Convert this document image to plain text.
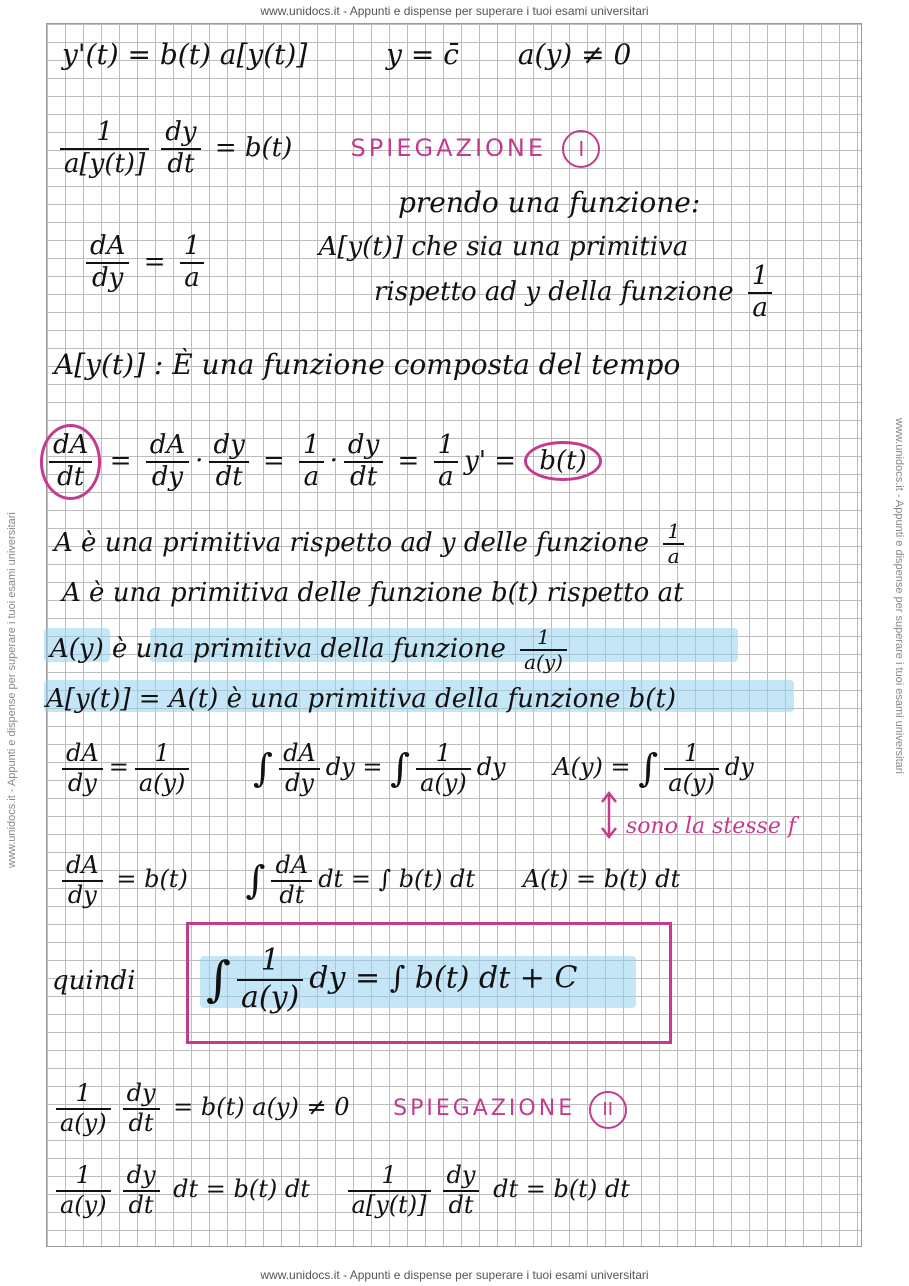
www.unidocs.it - Appunti e dispense per superare i tuoi esami universitari
www.unidocs.it - Appunti e dispense per superare i tuoi esami universitari	www.unidocs.it - Appunti e dispense per superare i tuoi esami universitari
y'(t) = b(t) a[y(t)]	y = c̄ a(y) ≠ 0
$\frac{1}{a[y(t)]} \frac{dy}{dt} = b(t)$ SPIEGAZIONE I
prendo una funzione:
$\frac{dA}{dy} = \frac{1}{a}$	A[y(t)] che sia una primitiva
rispetto ad y della funzione $\frac{1}{a}$
A[y(t)] : È una funzione composta del tempo
$\frac{dA}{dt} = \frac{dA}{dy} \cdot \frac{dy}{dt} = \frac{1}{a} \cdot \frac{dy}{dt} = \frac{1}{a} y' = b(t)$
A è una primitiva rispetto ad y delle funzione $\frac{1}{a}$
A è una primitiva delle funzione b(t) rispetto at
A(y) è una primitiva della funzione $\frac{1}{a(y)}$
A[y(t)] = A(t) è una primitiva della funzione b(t)
$\frac{dA}{dy} = \frac{1}{a(y)}$ ∫ $\frac{dA}{dy}$ dy = ∫ $\frac{1}{a(y)}$ dy A(y) = ∫ $\frac{1}{a(y)}$ dy
sono la stesse f
$\frac{dA}{dy} = b(t)$ ∫ $\frac{dA}{dt}$ dt = ∫ b(t) dt A(t) = b(t) dt
quindi ∫ $\frac{1}{a(y)}$ dy = ∫ b(t) dt + C
$\frac{1}{a(y)} \frac{dy}{dt} = b(t) a(y) \ne 0$ SPIEGAZIONE II
$\frac{1}{a(y)} \frac{dy}{dt}$ dt = b(t) dt $\frac{1}{a[y(t)]} \frac{dy}{dt}$ dt = b(t) dt
www.unidocs.it - Appunti e dispense per superare i tuoi esami universitari
